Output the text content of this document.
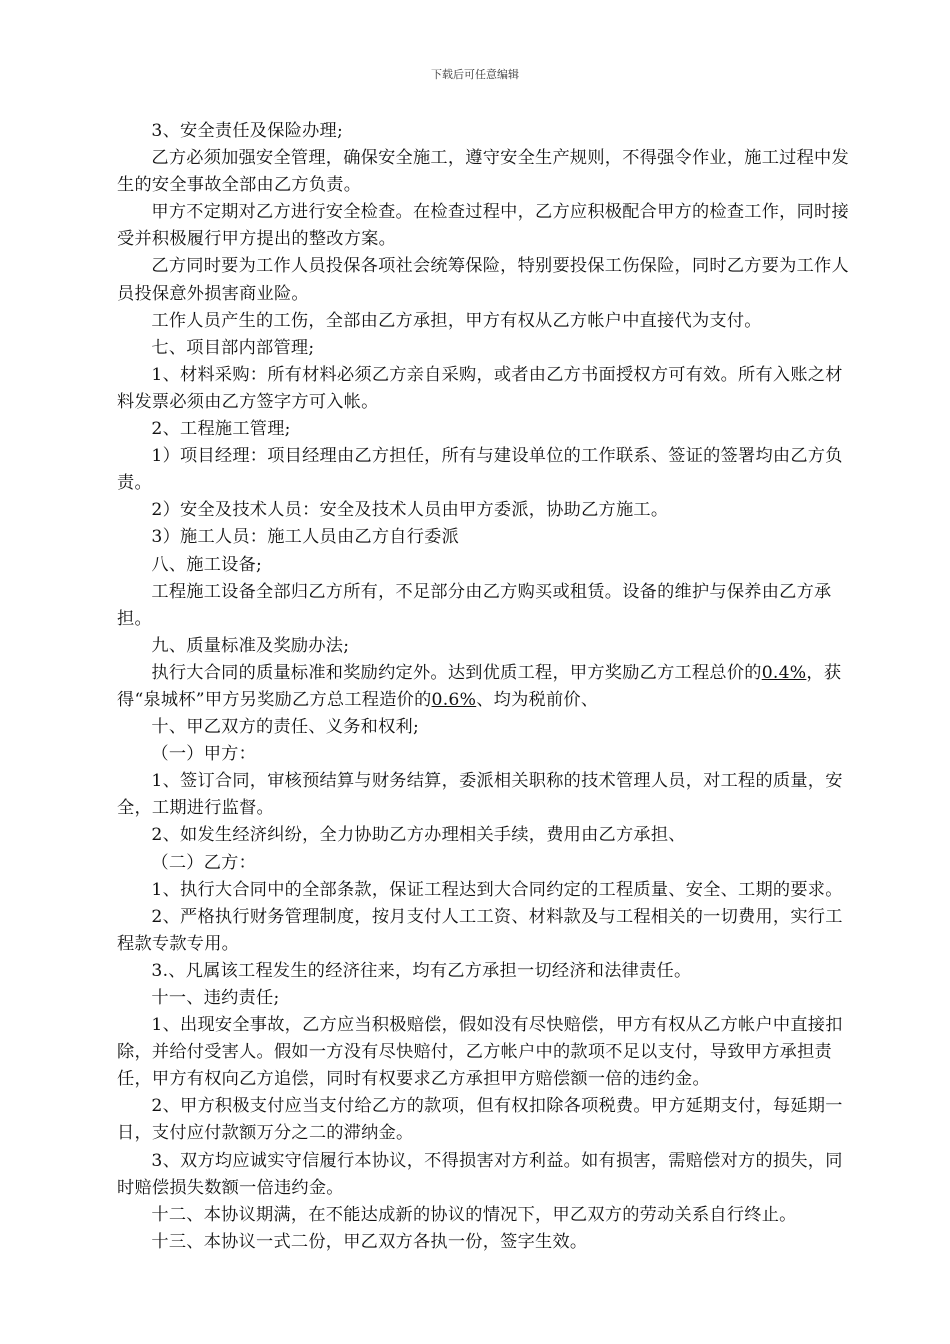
下载后可任意编辑

3、安全责任及保险办理;

乙方必须加强安全管理，确保安全施工，遵守安全生产规则，不得强令作业，施工过程中发生的安全事故全部由乙方负责。

甲方不定期对乙方进行安全检查。在检查过程中，乙方应积极配合甲方的检查工作，同时接受并积极履行甲方提出的整改方案。

乙方同时要为工作人员投保各项社会统筹保险，特别要投保工伤保险，同时乙方要为工作人员投保意外损害商业险。

工作人员产生的工伤，全部由乙方承担，甲方有权从乙方帐户中直接代为支付。

七、项目部内部管理;

1、材料采购：所有材料必须乙方亲自采购，或者由乙方书面授权方可有效。所有入账之材料发票必须由乙方签字方可入帐。

2、工程施工管理;

1）项目经理：项目经理由乙方担任，所有与建设单位的工作联系、签证的签署均由乙方负责。

2）安全及技术人员：安全及技术人员由甲方委派，协助乙方施工。

3）施工人员：施工人员由乙方自行委派

八、施工设备;

工程施工设备全部归乙方所有，不足部分由乙方购买或租赁。设备的维护与保养由乙方承担。

九、质量标准及奖励办法;

执行大合同的质量标准和奖励约定外。达到优质工程，甲方奖励乙方工程总价的0.4%，获得“泉城杯”甲方另奖励乙方总工程造价的0.6%、均为税前价、

十、甲乙双方的责任、义务和权利;

（一）甲方：

1、签订合同，审核预结算与财务结算，委派相关职称的技术管理人员，对工程的质量，安全，工期进行监督。

2、如发生经济纠纷，全力协助乙方办理相关手续，费用由乙方承担、

（二）乙方：

1、执行大合同中的全部条款，保证工程达到大合同约定的工程质量、安全、工期的要求。

2、严格执行财务管理制度，按月支付人工工资、材料款及与工程相关的一切费用，实行工程款专款专用。

3.、凡属该工程发生的经济往来，均有乙方承担一切经济和法律责任。

十一、违约责任;

1、出现安全事故，乙方应当积极赔偿，假如没有尽快赔偿，甲方有权从乙方帐户中直接扣除，并给付受害人。假如一方没有尽快赔付，乙方帐户中的款项不足以支付，导致甲方承担责任，甲方有权向乙方追偿，同时有权要求乙方承担甲方赔偿额一倍的违约金。

2、甲方积极支付应当支付给乙方的款项，但有权扣除各项税费。甲方延期支付，每延期一日，支付应付款额万分之二的滞纳金。

3、双方均应诚实守信履行本协议，不得损害对方利益。如有损害，需赔偿对方的损失，同时赔偿损失数额一倍违约金。

十二、本协议期满，在不能达成新的协议的情况下，甲乙双方的劳动关系自行终止。

十三、本协议一式二份，甲乙双方各执一份，签字生效。
